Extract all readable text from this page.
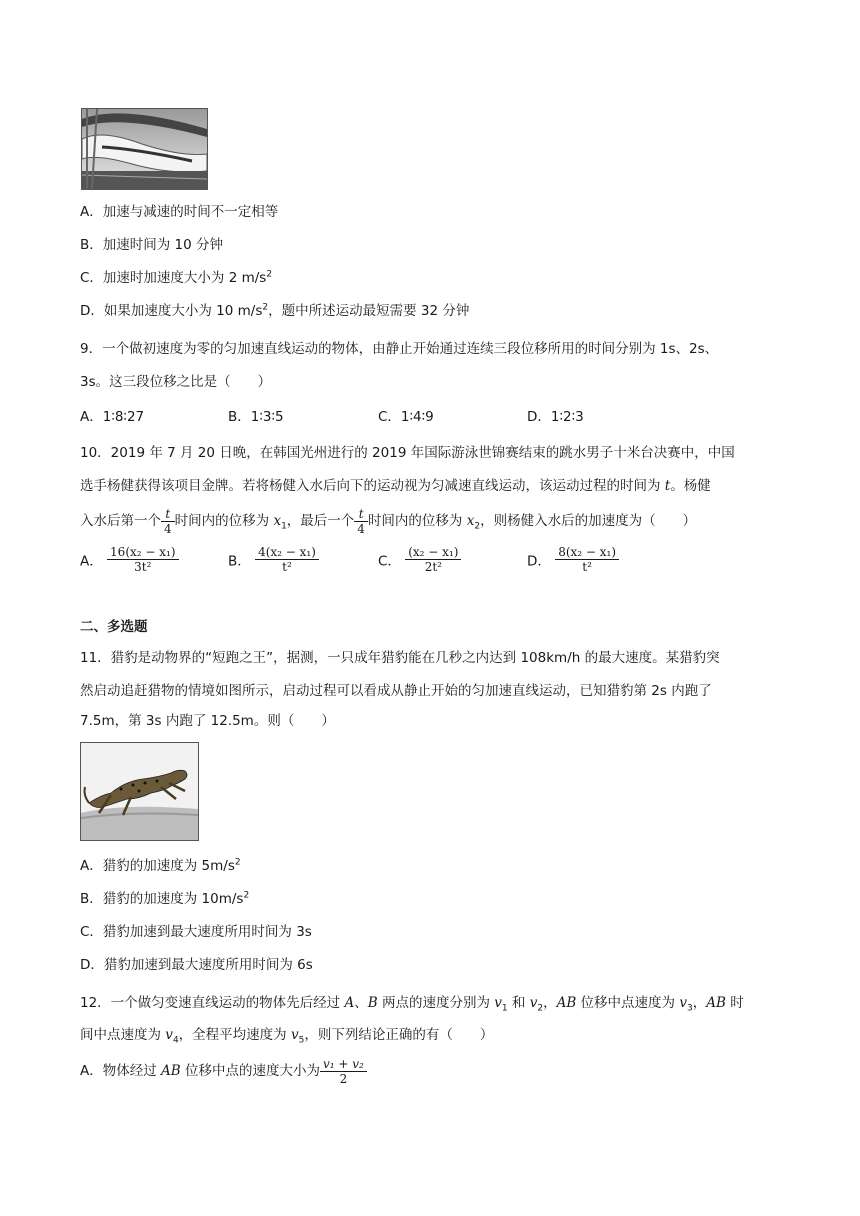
A．加速与减速的时间不一定相等
B．加速时间为 10 分钟
C．加速时加速度大小为 2 $m/s^2$
D．如果加速度大小为 10 $m/s^2$，题中所述运动最短需要 32 分钟
9．一个做初速度为零的匀加速直线运动的物体，由静止开始通过连续三段位移所用的时间分别为 1s、2s、
3s。这三段位移之比是（　　）
A．1∶8∶27	B．1∶3∶5	C．1∶4∶9	D．1∶2∶3
10．2019 年 7 月 20 日晚，在韩国光州进行的 2019 年国际游泳世锦赛结束的跳水男子十米台决赛中，中国
选手杨健获得该项目金牌。若将杨健入水后向下的运动视为匀减速直线运动，该运动过程的时间为 t。杨健
入水后第一个 $\frac{t}{4}$ 时间内的位移为 $x_1$，最后一个 $\frac{t}{4}$ 时间内的位移为 $x_2$，则杨健入水后的加速度为（　　）
A． $\frac{\text{16(x₂ − x₁)}}{\text{3t²}}$	B． $\frac{\text{4(x₂ − x₁)}}{\text{t²}}$	C． $\frac{\text{(x₂ − x₁)}}{\text{2t²}}$	D． $\frac{\text{8(x₂ − x₁)}}{\text{t²}}$
二、多选题
11．猎豹是动物界的“短跑之王”，据测，一只成年猎豹能在几秒之内达到 108km/h 的最大速度。某猎豹突
然启动追赶猎物的情境如图所示，启动过程可以看成从静止开始的匀加速直线运动，已知猎豹第 2s 内跑了
7.5m，第 3s 内跑了 12.5m。则（　　）
A．猎豹的加速度为 $5m/s^2$
B．猎豹的加速度为 $10m/s^2$
C．猎豹加速到最大速度所用时间为 3s
D．猎豹加速到最大速度所用时间为 6s
12．一个做匀变速直线运动的物体先后经过 A、B 两点的速度分别为 $v_1$ 和 $v_2$，AB 位移中点速度为 $v_3$，AB 时
间中点速度为 $v_4$，全程平均速度为 $v_5$，则下列结论正确的有（　　）
A．物体经过 AB 位移中点的速度大小为 $\frac{\text{v₁ + v₂}}{2}$
